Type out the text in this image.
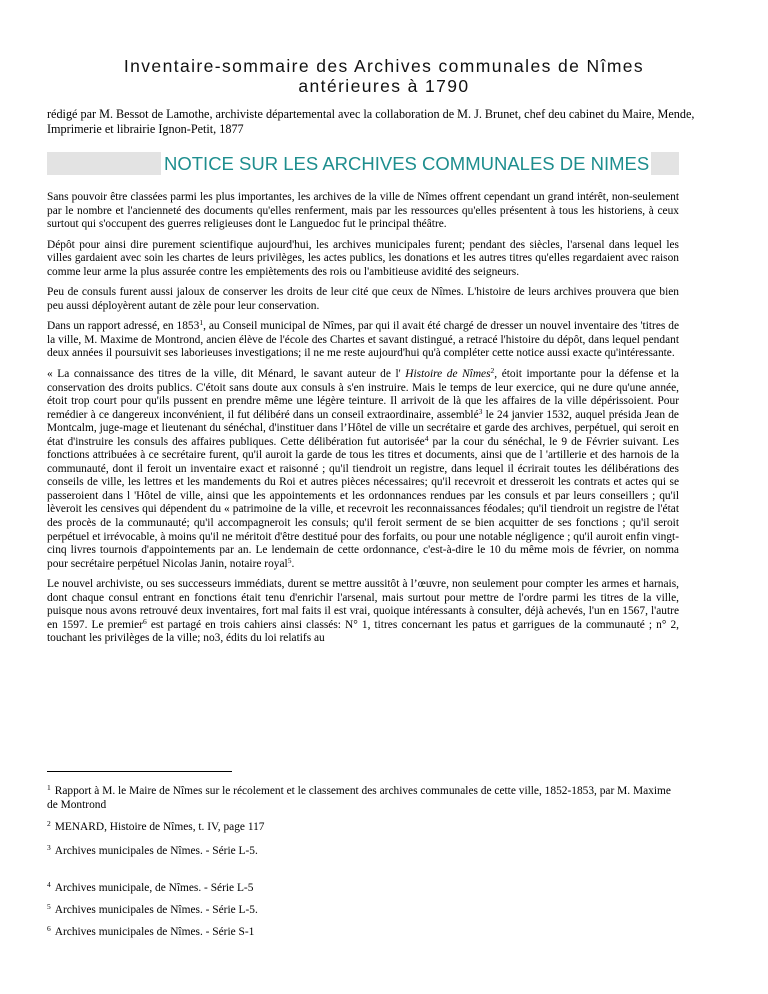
Inventaire-sommaire des Archives communales de Nîmes
antérieures à 1790
rédigé par M. Bessot de Lamothe, archiviste départemental avec la collaboration de M. J. Brunet, chef deu cabinet du Maire, Mende, Imprimerie et librairie Ignon-Petit, 1877
NOTICE SUR LES ARCHIVES COMMUNALES DE NIMES

Sans pouvoir être classées parmi les plus importantes, les archives de la ville de Nîmes offrent cependant un grand intérêt, non-seulement par le nombre et l'ancienneté des documents qu'elles renferment, mais par les ressources qu'elles présentent à tous les historiens, à ceux surtout qui s'occupent des guerres religieuses dont le Languedoc fut le principal théâtre.

Dépôt pour ainsi dire purement scientifique aujourd'hui, les archives municipales furent; pendant des siècles, l'arsenal dans lequel les villes gardaient avec soin les chartes de leurs privilèges, les actes publics, les donations et les autres titres qu'elles regardaient avec raison comme leur arme la plus assurée contre les empiètements des rois ou l'ambitieuse avidité des seigneurs.

Peu de consuls furent aussi jaloux de conserver les droits de leur cité que ceux de Nîmes. L'histoire de leurs archives prouvera que bien peu aussi déployèrent autant de zèle pour leur conservation.

Dans un rapport adressé, en 1853$^1$, au Conseil municipal de Nîmes, par qui il avait été chargé de dresser un nouvel inventaire des 'titres de la ville, M. Maxime de Montrond, ancien élève de l'école des Chartes et savant distingué, a retracé l'histoire du dépôt, dans lequel pendant deux années il poursuivit ses laborieuses investigations; il ne me reste aujourd'hui qu'à compléter cette notice aussi exacte qu'intéressante.

« La connaissance des titres de la ville, dit Ménard, le savant auteur de l' Histoire de Nîmes$^2$, étoit importante pour la défense et la conservation des droits publics. C'étoit sans doute aux consuls à s'en instruire. Mais le temps de leur exercice, qui ne dure qu'une année, étoit trop court pour qu'ils pussent en prendre même une légère teinture. Il arrivoit de là que les affaires de la ville dépérissoient. Pour remédier à ce dangereux inconvénient, il fut délibéré dans un conseil extraordinaire, assemblé$^3$ le 24 janvier 1532, auquel présida Jean de Montcalm, juge-mage et lieutenant du sénéchal, d'instituer dans l’Hôtel de ville un secrétaire et garde des archives, perpétuel, qui seroit en état d'instruire les consuls des affaires publiques. Cette délibération fut autorisée$^4$ par la cour du sénéchal, le 9 de Février suivant. Les fonctions attribuées à ce secrétaire furent, qu'il auroit la garde de tous les titres et documents, ainsi que de l 'artillerie et des harnois de la communauté, dont il feroit un inventaire exact et raisonné ; qu'il tiendroit un registre, dans lequel il écrirait toutes les délibérations des conseils de ville, les lettres et les mandements du Roi et autres pièces nécessaires; qu'il recevroit et dresseroit les contrats et actes qui se passeroient dans l 'Hôtel de ville, ainsi que les appointements et les ordonnances rendues par les consuls et par leurs conseillers ; qu'il lèveroit les censives qui dépendent du « patrimoine de la ville, et recevroit les reconnaissances féodales; qu'il tiendroit un registre de l'état des procès de la communauté; qu'il accompagneroit les consuls; qu'il feroit serment de se bien acquitter de ses fonctions ; qu'il seroit perpétuel et irrévocable, à moins qu'il ne méritoit d'être destitué pour des forfaits, ou pour une notable négligence ; qu'il auroit enfin vingt-cinq livres tournois d'appointements par an. Le lendemain de cette ordonnance, c'est-à-dire le 10 du même mois de février, on nomma pour secrétaire perpétuel Nicolas Janin, notaire royal$^5$.

Le nouvel archiviste, ou ses successeurs immédiats, durent se mettre aussitôt à l’œuvre, non seulement pour compter les armes et harnais, dont chaque consul entrant en fonctions était tenu d'enrichir l'arsenal, mais surtout pour mettre de l'ordre parmi les titres de la ville, puisque nous avons retrouvé deux inventaires, fort mal faits il est vrai, quoique intéressants à consulter, déjà achevés, l'un en 1567, l'autre en 1597. Le premier$^6$ est partagé en trois cahiers ainsi classés: N° 1, titres concernant les patus et garrigues de la communauté ; n° 2, touchant les privilèges de la ville; no3, édits du loi relatifs au

$^1$ Rapport à M. le Maire de Nîmes sur le récolement et le classement des archives communales de cette ville, 1852-1853, par M. Maxime de Montrond
$^2$ MENARD, Histoire de Nîmes, t. IV, page 117
$^3$ Archives municipales de Nîmes. - Série L-5.
$^4$ Archives municipale, de Nîmes. - Série L-5
$^5$ Archives municipales de Nîmes. - Série L-5.
$^6$ Archives municipales de Nîmes. - Série S-1
